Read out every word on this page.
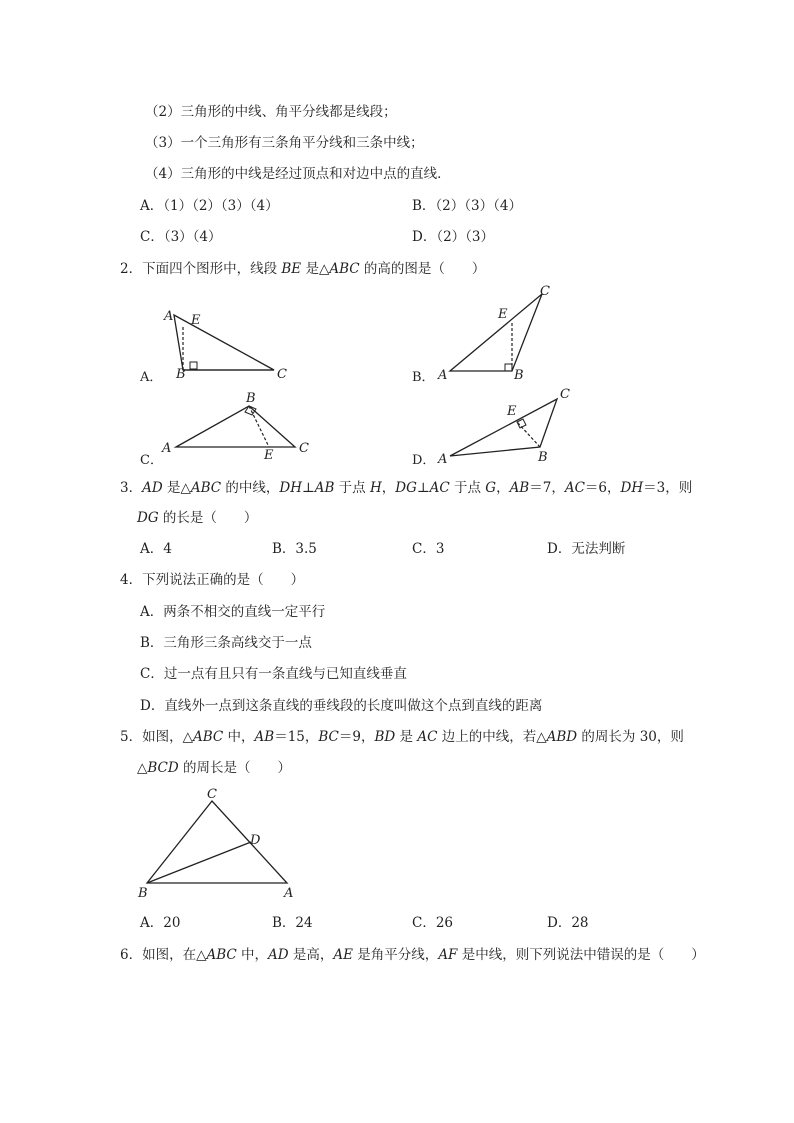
（2）三角形的中线、角平分线都是线段；
（3）一个三角形有三条角平分线和三条中线；
（4）三角形的中线是经过顶点和对边中点的直线．
A．（1）（2）（3）（4）	B．（2）（3）（4）
C．（3）（4）	D．（2）（3）
2．下面四个图形中，线段 BE 是△ABC 的高的图是（　　）
A E
B	C
A．
C
E
A	B
B．
B
A	C
E
C．
C
E
A	B
D．
3．AD 是△ABC 的中线，DH⊥AB 于点 H，DG⊥AC 于点 G，AB＝7，AC＝6，DH＝3，则
DG 的长是（　　）
A．4	B．3.5	C．3	D．无法判断
4．下列说法正确的是（　　）
A．两条不相交的直线一定平行
B．三角形三条高线交于一点
C．过一点有且只有一条直线与已知直线垂直
D．直线外一点到这条直线的垂线段的长度叫做这个点到直线的距离
5．如图，△ABC 中，AB＝15，BC＝9，BD 是 AC 边上的中线，若△ABD 的周长为 30，则
△BCD 的周长是（　　）
C
D
B	A
A．20	B．24	C．26	D．28
6．如图，在△ABC 中，AD 是高，AE 是角平分线，AF 是中线，则下列说法中错误的是（　　）
